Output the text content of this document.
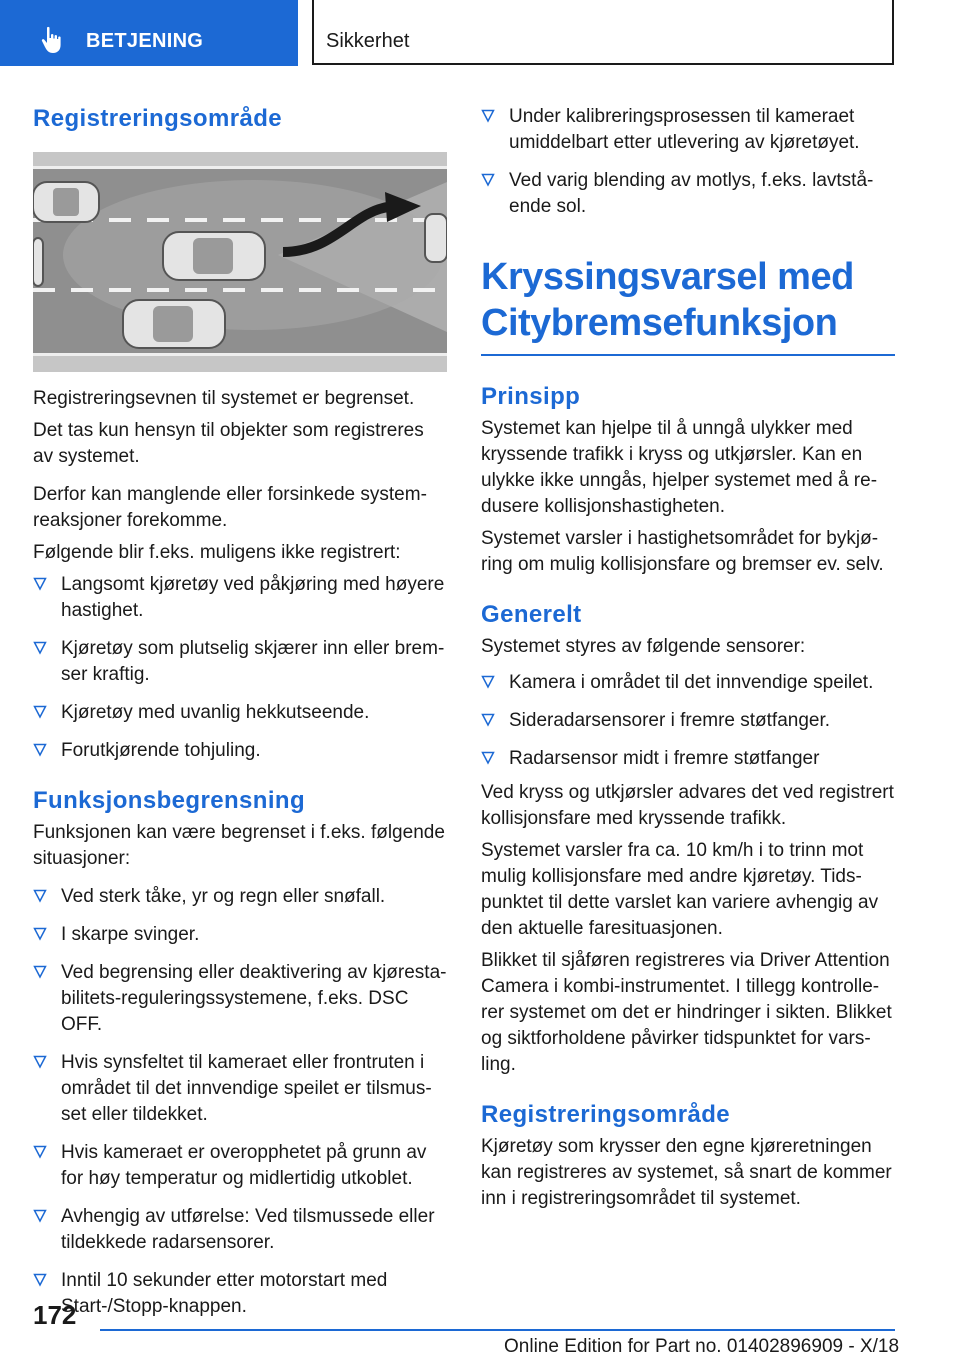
BETJENING	Sikkerhet
Registreringsområde

Registreringsevnen til systemet er begrenset.

Det tas kun hensyn til objekter som registreres av systemet.

Derfor kan manglende eller forsinkede systemreaksjoner forekomme.

Følgende blir f.eks. muligens ikke registrert:

Langsomt kjøretøy ved påkjøring med høyere hastighet.
Kjøretøy som plutselig skjærer inn eller bremser kraftig.
Kjøretøy med uvanlig hekkutseende.
Forutkjørende tohjuling.
Funksjonsbegrensning

Funksjonen kan være begrenset i f.eks. følgende situasjoner:

Ved sterk tåke, yr og regn eller snøfall.
I skarpe svinger.
Ved begrensing eller deaktivering av kjørestabilitets-reguleringssystemene, f.eks. DSC OFF.
Hvis synsfeltet til kameraet eller frontruten i området til det innvendige speilet er tilsmusset eller tildekket.
Hvis kameraet er overopphetet på grunn av for høy temperatur og midlertidig utkoblet.
Avhengig av utførelse: Ved tilsmussede eller tildekkede radarsensorer.
Inntil 10 sekunder etter motorstart med Start-/Stopp-knappen.
Under kalibreringsprosessen til kameraet umiddelbart etter utlevering av kjøretøyet.
Ved varig blending av motlys, f.eks. lavtstående sol.
Kryssingsvarsel med Citybremsefunksjon
Prinsipp

Systemet kan hjelpe til å unngå ulykker med kryssende trafikk i kryss og utkjørsler. Kan en ulykke ikke unngås, hjelper systemet med å redusere kollisjonshastigheten.

Systemet varsler i hastighetsområdet for bykjøring om mulig kollisjonsfare og bremser ev. selv.

Generelt

Systemet styres av følgende sensorer:

Kamera i området til det innvendige speilet.
Sideradarsensorer i fremre støtfanger.
Radarsensor midt i fremre støtfanger

Ved kryss og utkjørsler advares det ved registrert kollisjonsfare med kryssende trafikk.

Systemet varsler fra ca. 10 km/h i to trinn mot mulig kollisjonsfare med andre kjøretøy. Tidspunktet til dette varslet kan variere avhengig av den aktuelle faresituasjonen.

Blikket til sjåføren registreres via Driver Attention Camera i kombi-instrumentet. I tillegg kontrollerer systemet om det er hindringer i sikten. Blikket og siktforholdene påvirker tidspunktet for varsling.

Registreringsområde

Kjøretøy som krysser den egne kjøreretningen kan registreres av systemet, så snart de kommer inn i registreringsområdet til systemet.

172
Online Edition for Part no. 01402896909 - X/18
